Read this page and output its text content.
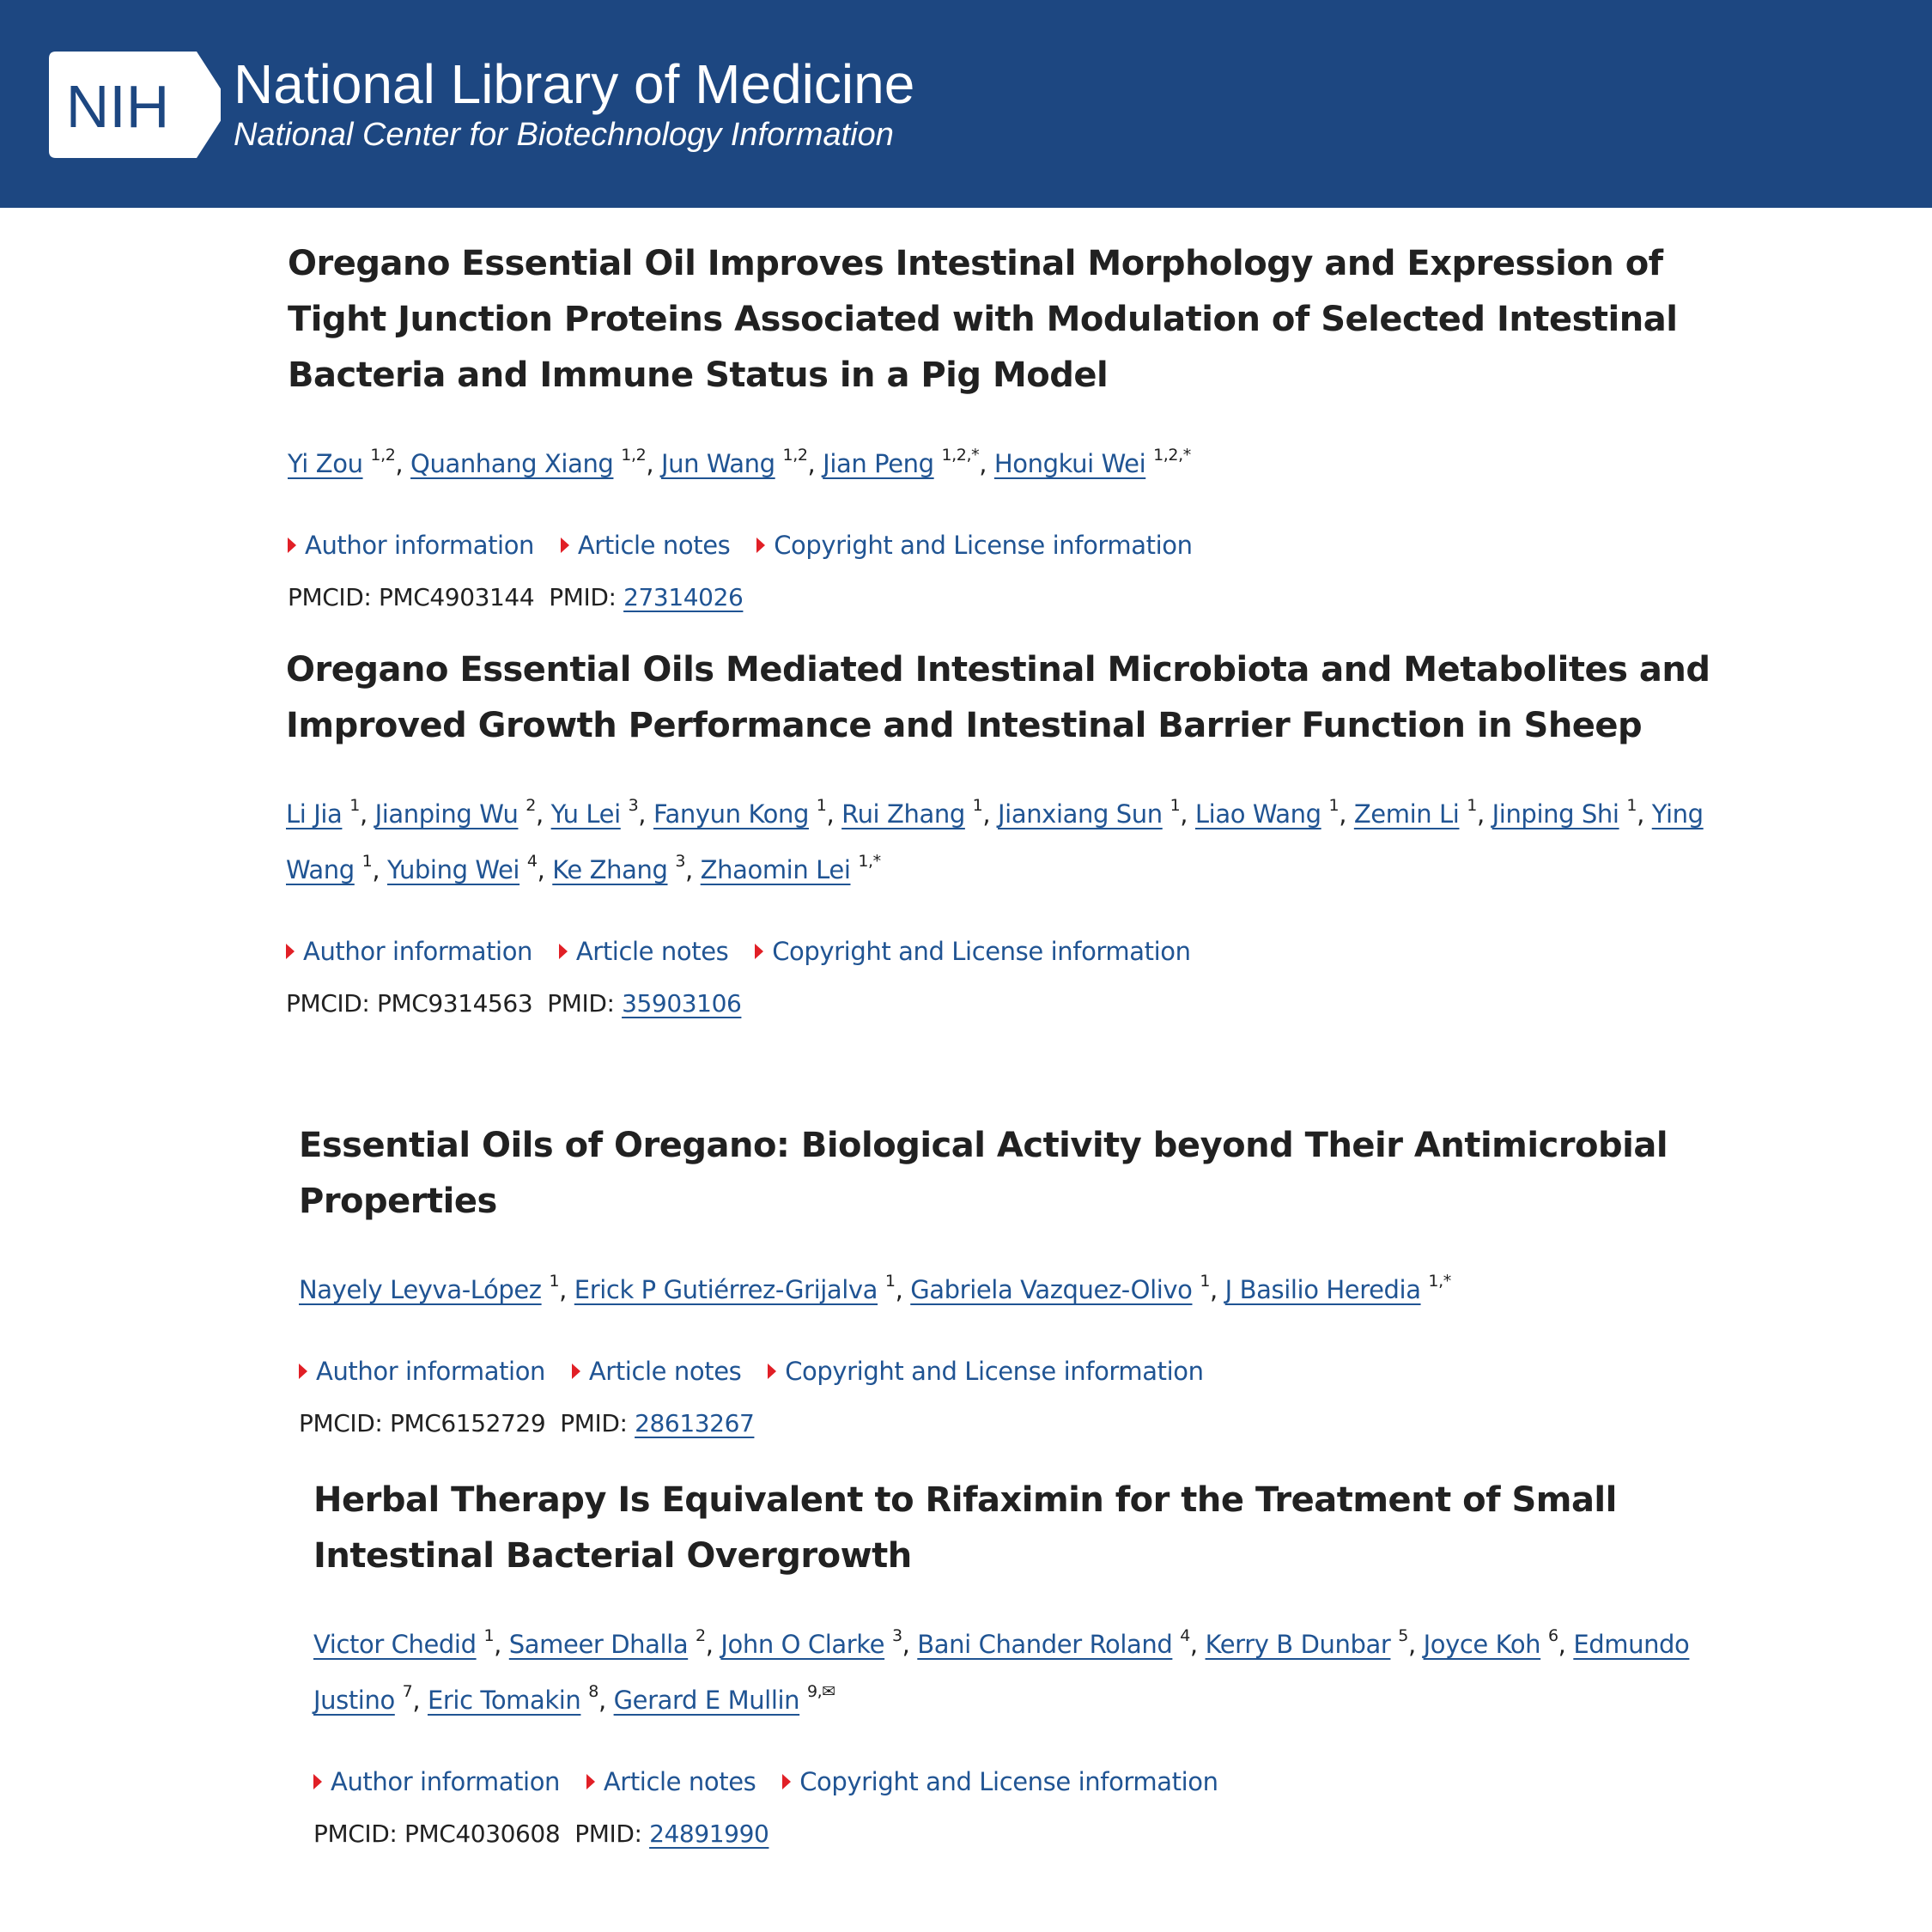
NIH National Library of Medicine
National Center for Biotechnology Information
Oregano Essential Oil Improves Intestinal Morphology and Expression of Tight Junction Proteins Associated with Modulation of Selected Intestinal Bacteria and Immune Status in a Pig Model
Yi Zou $^{1,2}$, Quanhang Xiang $^{1,2}$, Jun Wang $^{1,2}$, Jian Peng $^{1,2,*}$, Hongkui Wei $^{1,2,*}$
Author information Article notes Copyright and License information
PMCID: PMC4903144 PMID: 27314026
Oregano Essential Oils Mediated Intestinal Microbiota and Metabolites and Improved Growth Performance and Intestinal Barrier Function in Sheep
Li Jia $^1$, Jianping Wu $^2$, Yu Lei $^3$, Fanyun Kong $^1$, Rui Zhang $^1$, Jianxiang Sun $^1$, Liao Wang $^1$, Zemin Li $^1$, Jinping Shi $^1$, Ying Wang $^1$, Yubing Wei $^4$, Ke Zhang $^3$, Zhaomin Lei $^{1,*}$
Author information Article notes Copyright and License information
PMCID: PMC9314563 PMID: 35903106
Essential Oils of Oregano: Biological Activity beyond Their Antimicrobial Properties
Nayely Leyva-López $^1$, Erick P Gutiérrez-Grijalva $^1$, Gabriela Vazquez-Olivo $^1$, J Basilio Heredia $^{1,*}$
Author information Article notes Copyright and License information
PMCID: PMC6152729 PMID: 28613267
Herbal Therapy Is Equivalent to Rifaximin for the Treatment of Small Intestinal Bacterial Overgrowth
Victor Chedid $^1$, Sameer Dhalla $^2$, John O Clarke $^3$, Bani Chander Roland $^4$, Kerry B Dunbar $^5$, Joyce Koh $^6$, Edmundo Justino $^7$, Eric Tomakin $^8$, Gerard E Mullin $^{9,✉}$
Author information Article notes Copyright and License information
PMCID: PMC4030608 PMID: 24891990
